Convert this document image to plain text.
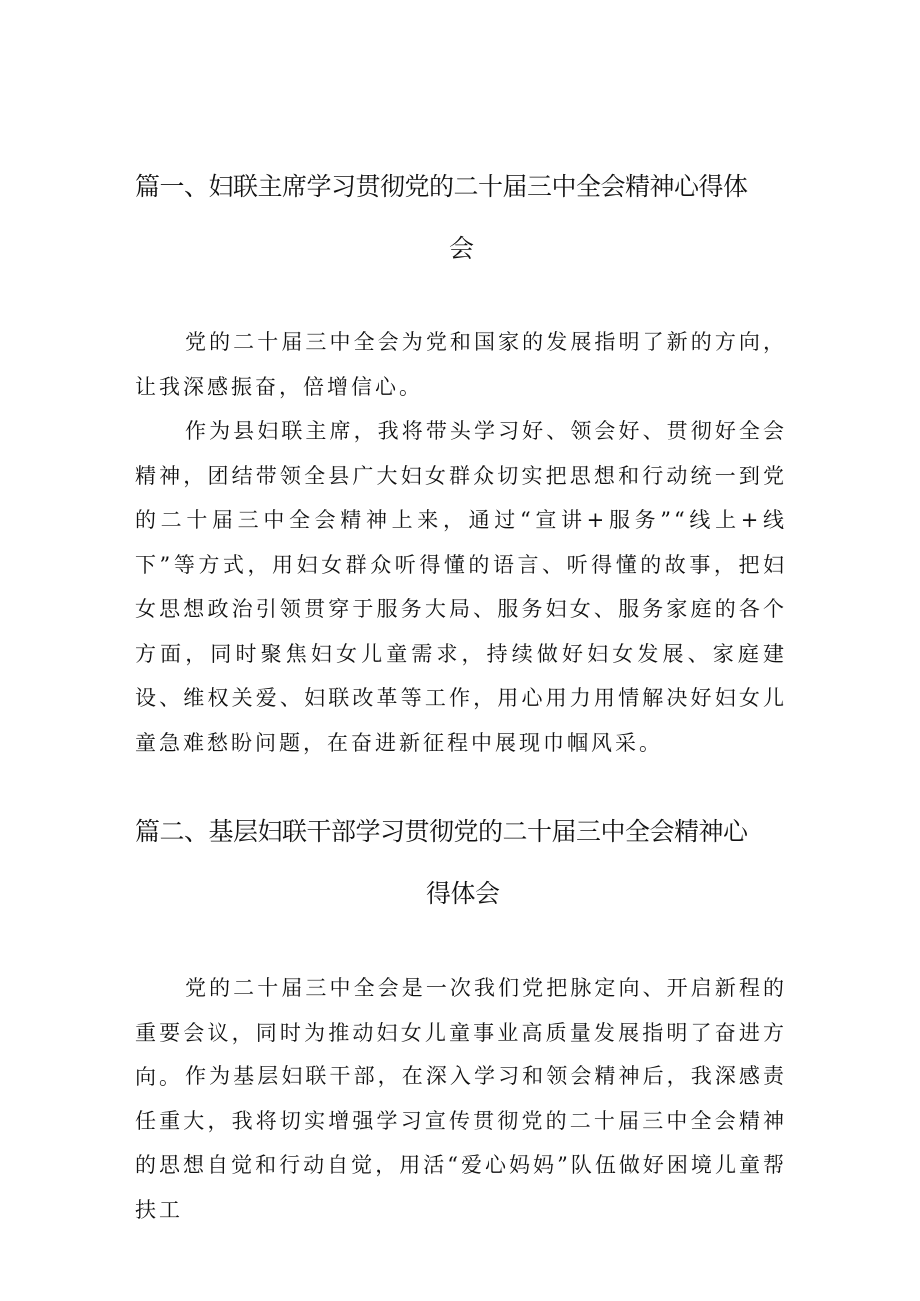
篇一、妇联主席学习贯彻党的二十届三中全会精神心得体
会

党的二十届三中全会为党和国家的发展指明了新的方向，让我深感振奋，倍增信心。

作为县妇联主席，我将带头学习好、领会好、贯彻好全会精神，团结带领全县广大妇女群众切实把思想和行动统一到党的二十届三中全会精神上来，通过“宣讲+服务”“线上+线下”等方式，用妇女群众听得懂的语言、听得懂的故事，把妇女思想政治引领贯穿于服务大局、服务妇女、服务家庭的各个方面，同时聚焦妇女儿童需求，持续做好妇女发展、家庭建设、维权关爱、妇联改革等工作，用心用力用情解决好妇女儿童急难愁盼问题，在奋进新征程中展现巾帼风采。

篇二、基层妇联干部学习贯彻党的二十届三中全会精神心
得体会

党的二十届三中全会是一次我们党把脉定向、开启新程的重要会议，同时为推动妇女儿童事业高质量发展指明了奋进方向。 作为基层妇联干部，在深入学习和领会精神后，我深感责任重大，我将切实增强学习宣传贯彻党的二十届三中全会精神的思想自觉和行动自觉，用活“爱心妈妈”队伍做好困境儿童帮扶工
